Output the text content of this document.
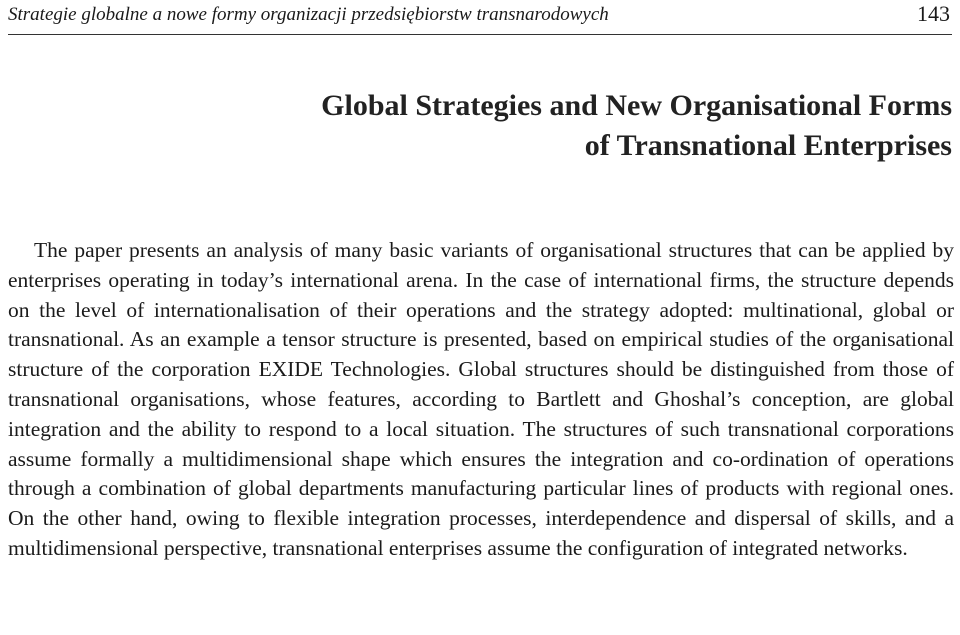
Strategie globalne a nowe formy organizacji przedsiębiorstw transnarodowych	143
Global Strategies and New Organisational Forms
of Transnational Enterprises

The paper presents an analysis of many basic variants of organisational structures that can be applied by enterprises operating in today’s international arena. In the case of international firms, the structure depends on the level of internationalisation of their operations and the strategy adopted: multinational, global or transnational. As an example a tensor structure is presented, based on empirical studies of the organisational structure of the corporation EXIDE Technologies. Global structures should be distinguished from those of transnational organisations, whose features, according to Bartlett and Ghoshal’s conception, are global integration and the ability to respond to a local situation. The structures of such transnational corporations assume formally a multidimensional shape which ensures the integration and co-ordination of operations through a combination of global departments manufacturing particular lines of products with regional ones. On the other hand, owing to flexible integration processes, interdependence and dispersal of skills, and a multidimensional perspective, transnational enterprises assume the configuration of integrated networks.
